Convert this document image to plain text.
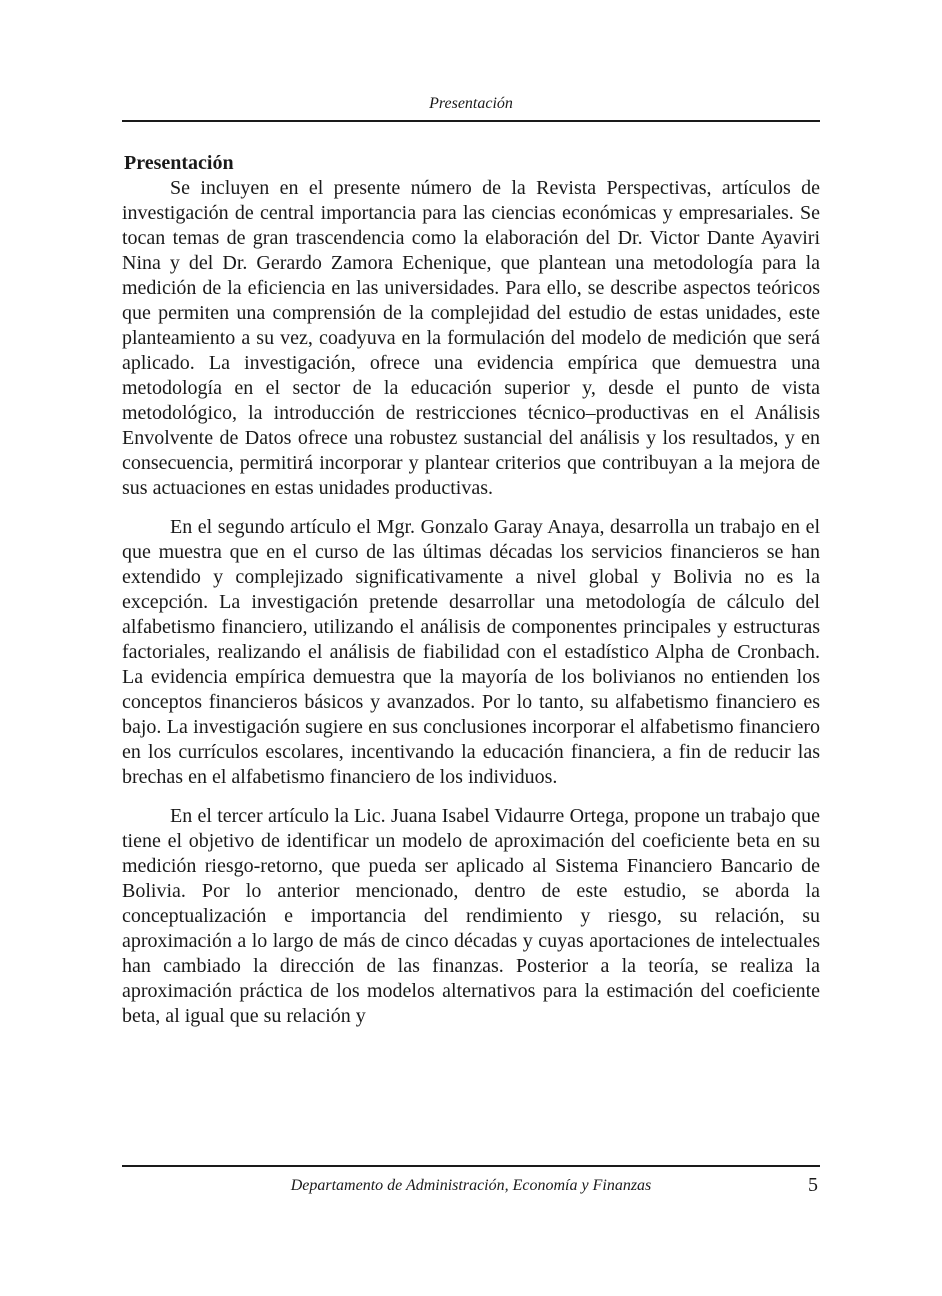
Presentación
Presentación

Se incluyen en el presente número de la Revista Perspectivas, artículos de investigación de central importancia para las ciencias económicas y empresariales. Se tocan temas de gran trascendencia como la elaboración del Dr. Victor Dante Ayaviri Nina y del Dr. Gerardo Zamora Echenique, que plantean una metodología para la medición de la eficiencia en las universidades. Para ello, se describe aspectos teóricos que permiten una comprensión de la complejidad del estudio de estas unidades, este planteamiento a su vez, coadyuva en la formulación del modelo de medición que será aplicado. La investigación, ofrece una evidencia empírica que demuestra una metodología en el sector de la educación superior y, desde el punto de vista metodológico, la introducción de restricciones técnico–productivas en el Análisis Envolvente de Datos ofrece una robustez sustancial del análisis y los resultados, y en consecuencia, permitirá incorporar y plantear criterios que contribuyan a la mejora de sus actuaciones en estas unidades productivas.

En el segundo artículo el Mgr. Gonzalo Garay Anaya, desarrolla un trabajo en el que muestra que en el curso de las últimas décadas los servicios financieros se han extendido y complejizado significativamente a nivel global y Bolivia no es la excepción. La investigación pretende desarrollar una metodología de cálculo del alfabetismo financiero, utilizando el análisis de componentes principales y estructuras factoriales, realizando el análisis de fiabilidad con el estadístico Alpha de Cronbach. La evidencia empírica demuestra que la mayoría de los bolivianos no entienden los conceptos financieros básicos y avanzados. Por lo tanto, su alfabetismo financiero es bajo. La investigación sugiere en sus conclusiones incorporar el alfabetismo financiero en los currículos escolares, incentivando la educación financiera, a fin de reducir las brechas en el alfabetismo financiero de los individuos.

En el tercer artículo la Lic. Juana Isabel Vidaurre Ortega, propone un trabajo que tiene el objetivo de identificar un modelo de aproximación del coeficiente beta en su medición riesgo-retorno, que pueda ser aplicado al Sistema Financiero Bancario de Bolivia. Por lo anterior mencionado, dentro de este estudio, se aborda la conceptualización e importancia del rendimiento y riesgo, su relación, su aproximación a lo largo de más de cinco décadas y cuyas aportaciones de intelectuales han cambiado la dirección de las finanzas. Posterior a la teoría, se realiza la aproximación práctica de los modelos alternativos para la estimación del coeficiente beta, al igual que su relación y

Departamento de Administración, Economía y Finanzas	5
